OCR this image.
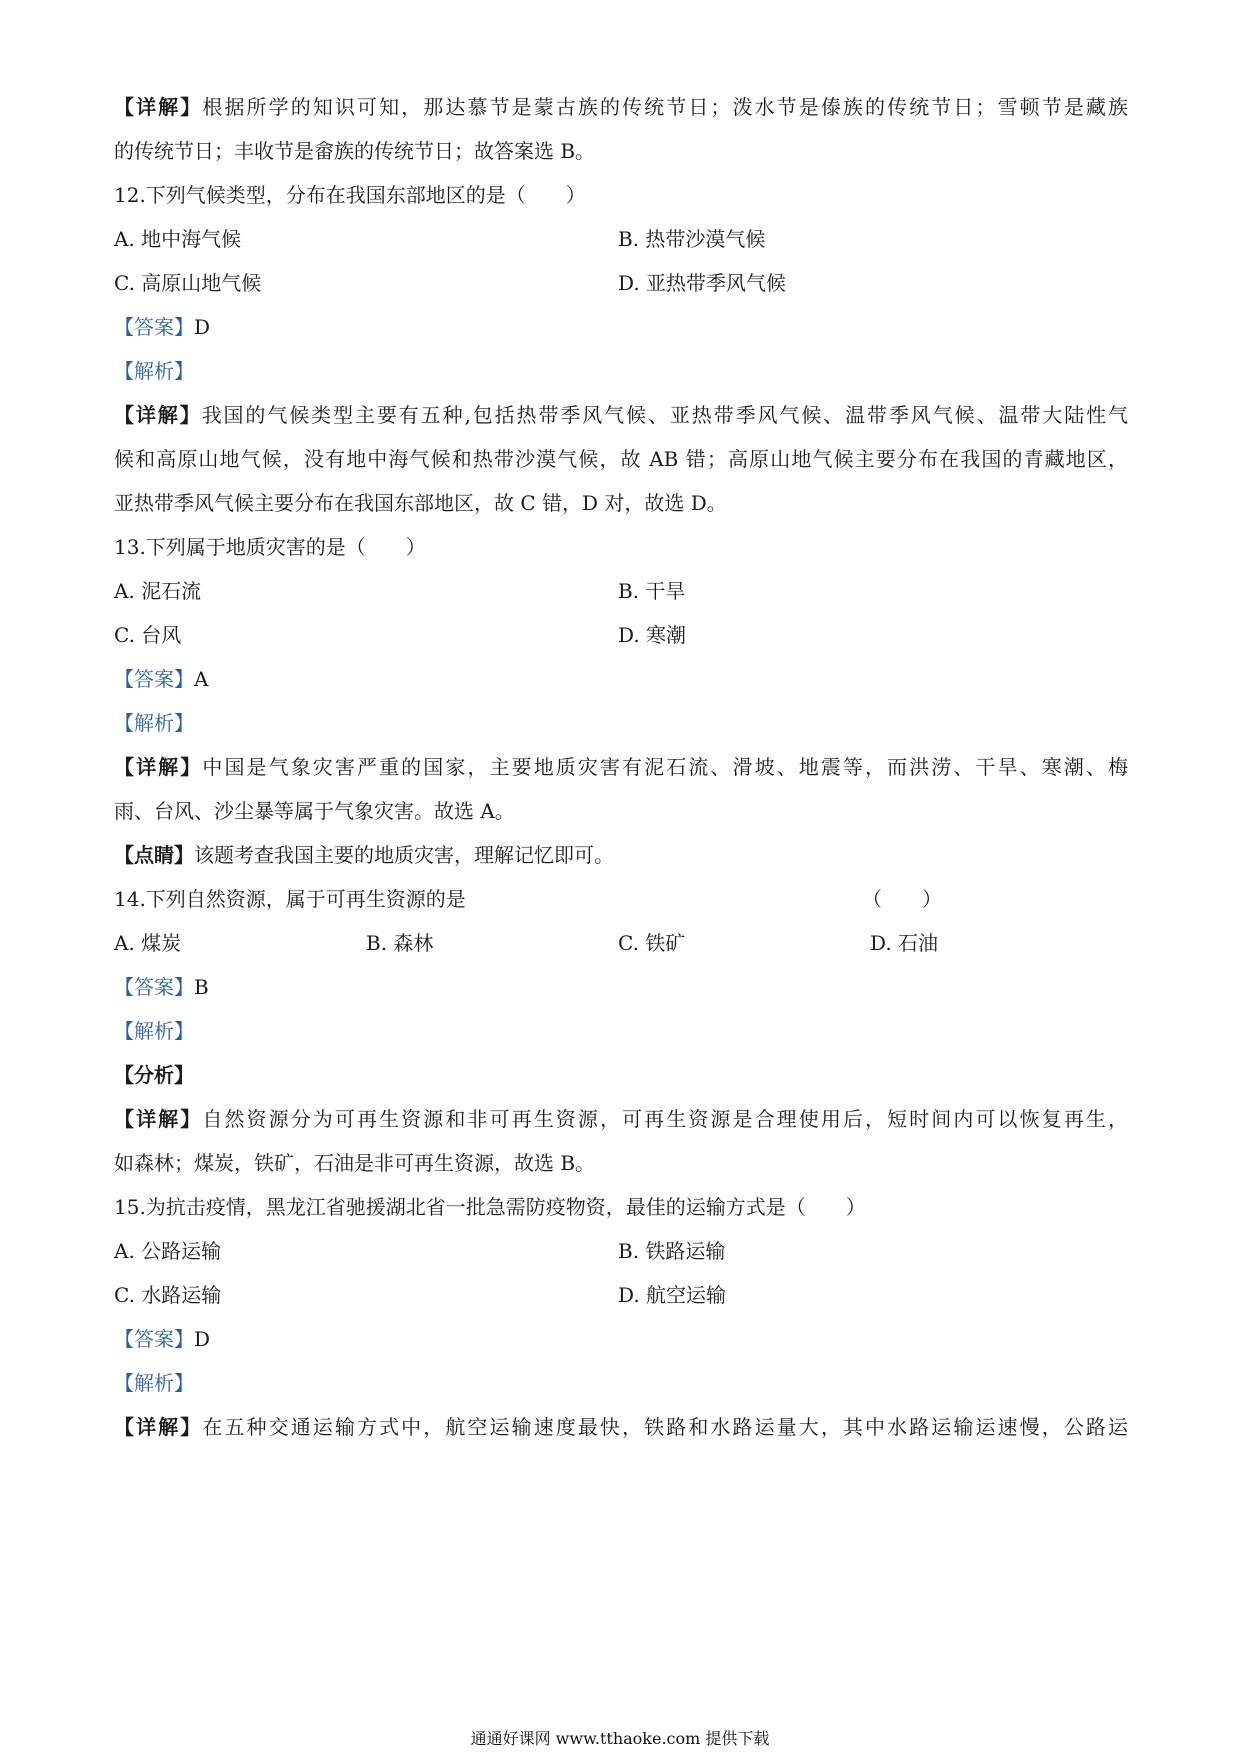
【详解】根据所学的知识可知，那达慕节是蒙古族的传统节日；泼水节是傣族的传统节日；雪顿节是藏族
的传统节日；丰收节是畲族的传统节日；故答案选 B。
12.下列气候类型，分布在我国东部地区的是（　　）
A. 地中海气候	B. 热带沙漠气候
C. 高原山地气候	D. 亚热带季风气候
【答案】D
【解析】
【详解】我国的气候类型主要有五种,包括热带季风气候、亚热带季风气候、温带季风气候、温带大陆性气
候和高原山地气候，没有地中海气候和热带沙漠气候，故 AB 错；高原山地气候主要分布在我国的青藏地区，
亚热带季风气候主要分布在我国东部地区，故 C 错，D 对，故选 D。
13.下列属于地质灾害的是（　　）
A. 泥石流	B. 干旱
C. 台风	D. 寒潮
【答案】A
【解析】
【详解】中国是气象灾害严重的国家，主要地质灾害有泥石流、滑坡、地震等，而洪涝、干旱、寒潮、梅
雨、台风、沙尘暴等属于气象灾害。故选 A。
【点睛】该题考查我国主要的地质灾害，理解记忆即可。
14.下列自然资源，属于可再生资源的是	（　　）
A. 煤炭	B. 森林	C. 铁矿	D. 石油
【答案】B
【解析】
【分析】
【详解】自然资源分为可再生资源和非可再生资源，可再生资源是合理使用后，短时间内可以恢复再生，
如森林；煤炭，铁矿，石油是非可再生资源，故选 B。
15.为抗击疫情，黑龙江省驰援湖北省一批急需防疫物资，最佳的运输方式是（　　）
A. 公路运输	B. 铁路运输
C. 水路运输	D. 航空运输
【答案】D
【解析】
【详解】在五种交通运输方式中，航空运输速度最快，铁路和水路运量大，其中水路运输运速慢，公路运
通通好课网 www.tthaoke.com 提供下载
